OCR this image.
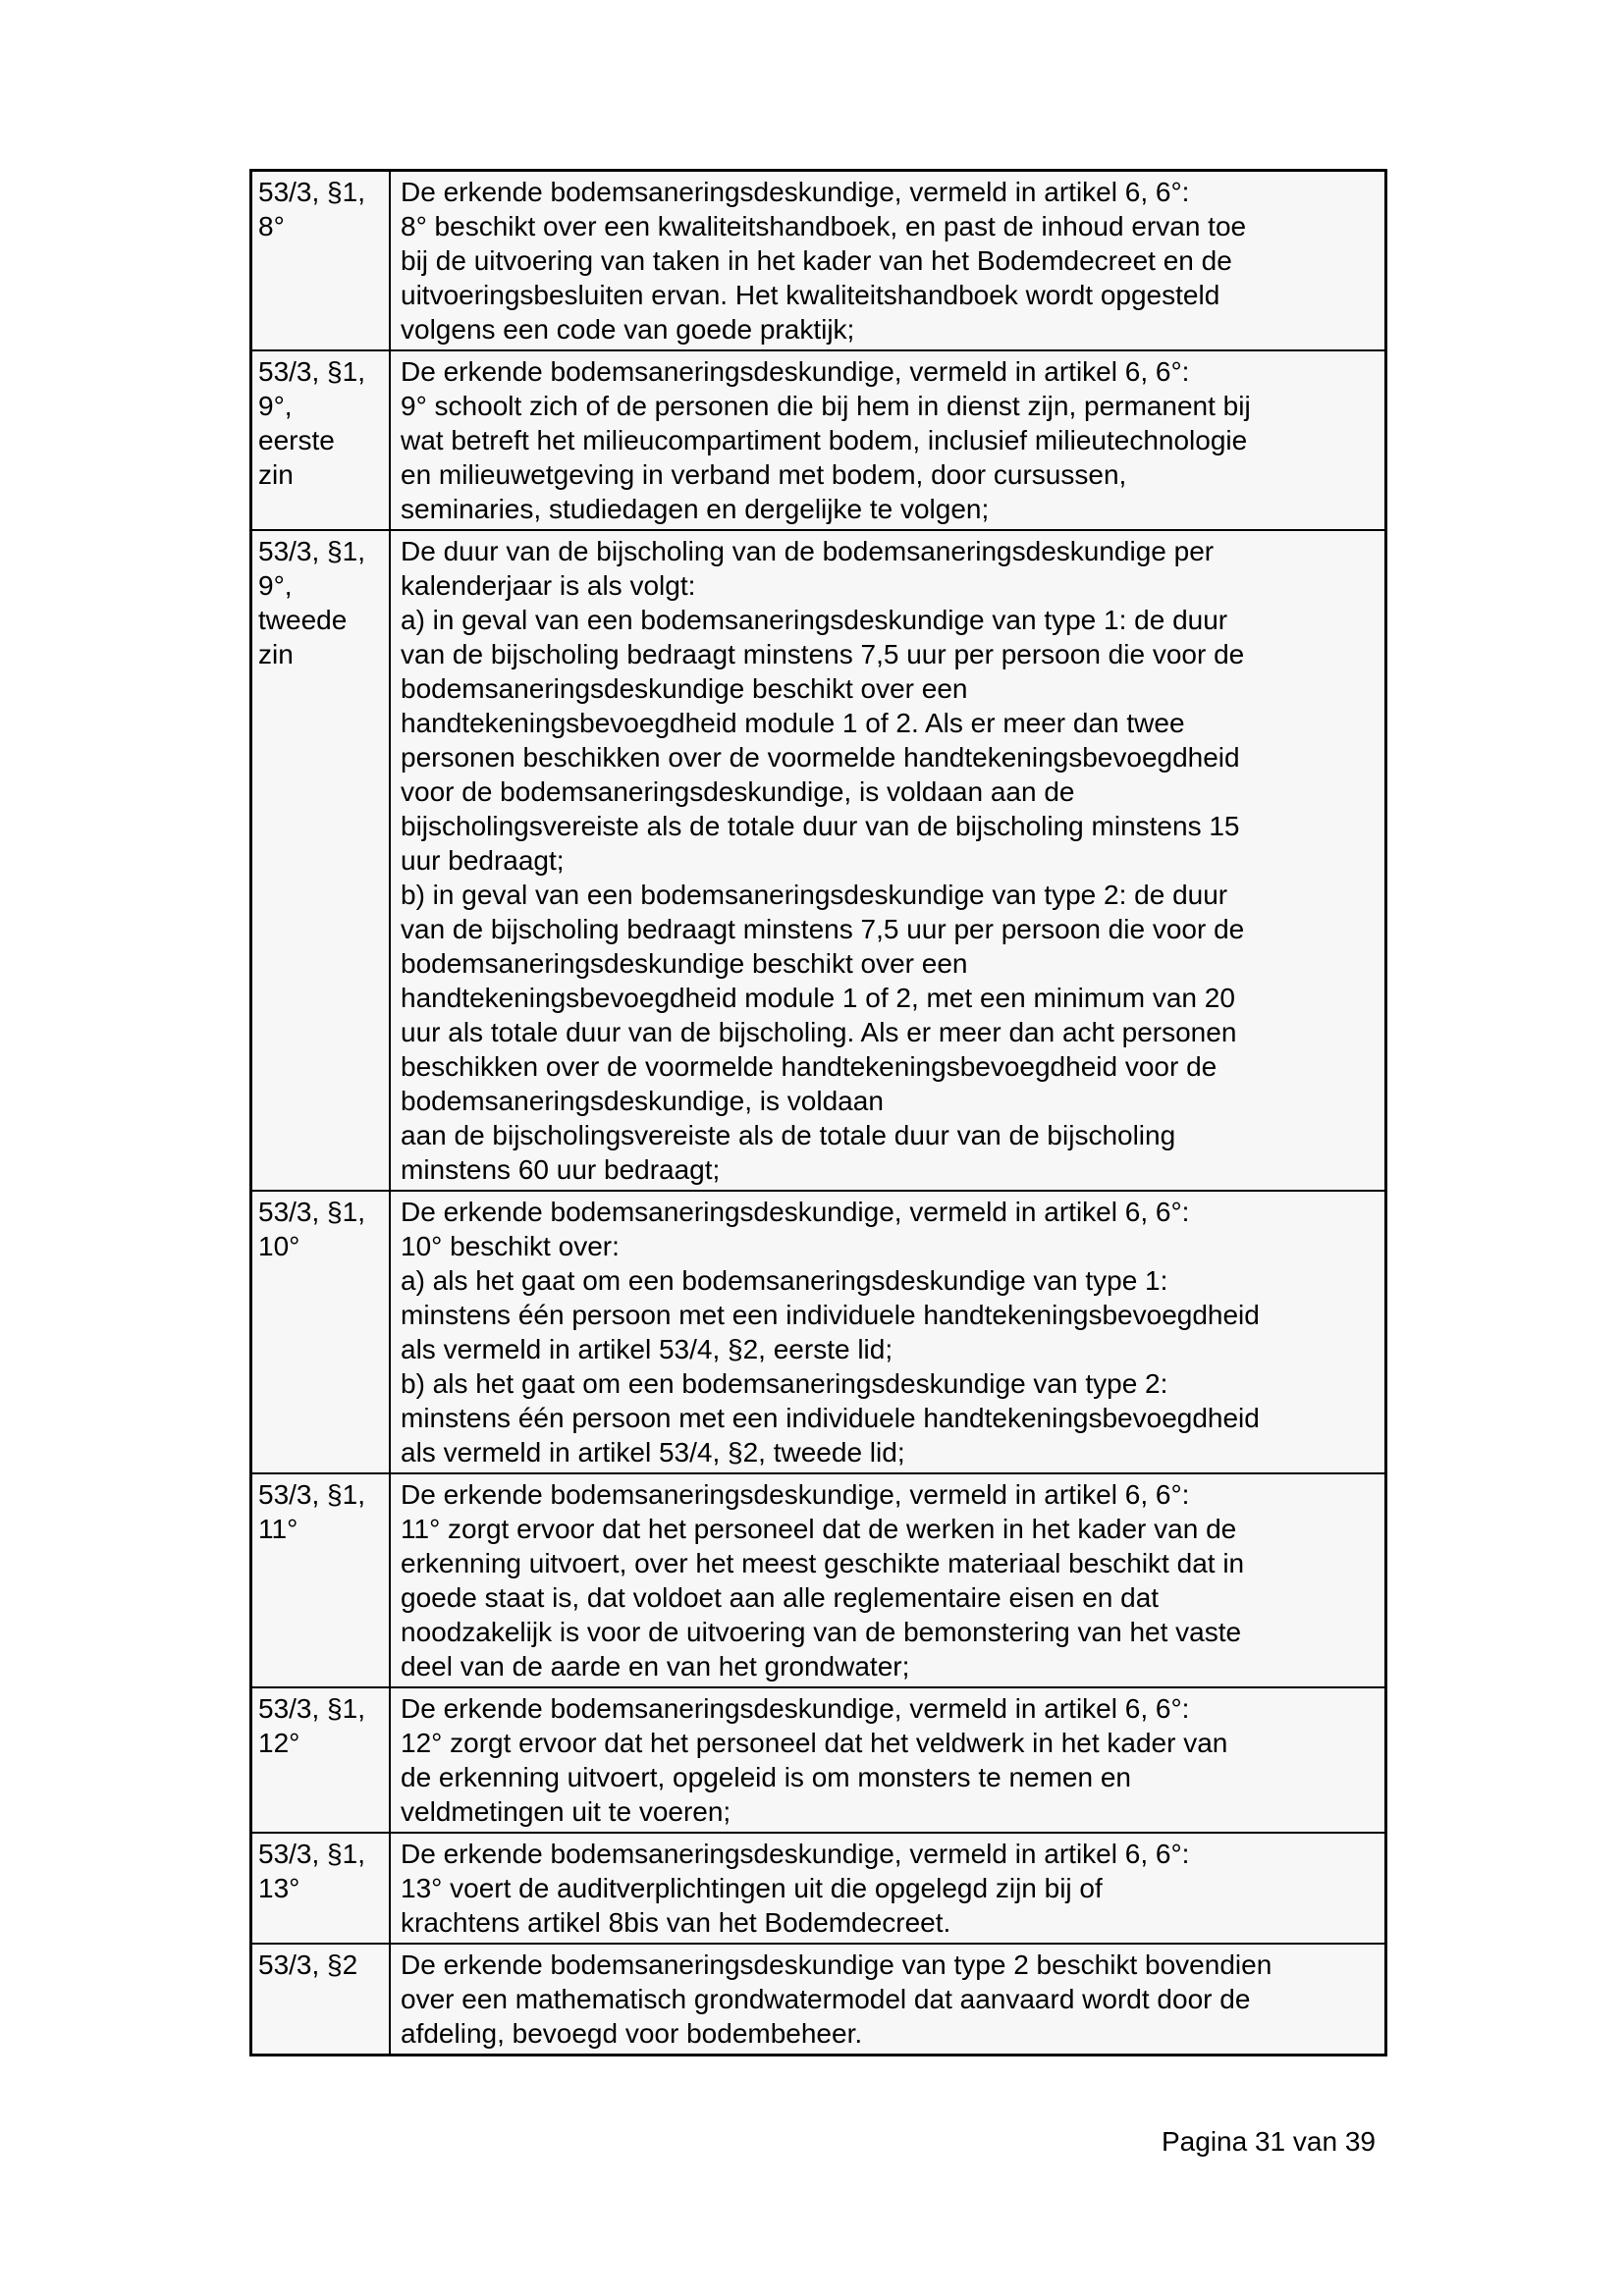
53/3, §1,
8°
De erkende bodemsaneringsdeskundige, vermeld in artikel 6, 6°:
8° beschikt over een kwaliteitshandboek, en past de inhoud ervan toe
bij de uitvoering van taken in het kader van het Bodemdecreet en de
uitvoeringsbesluiten ervan. Het kwaliteitshandboek wordt opgesteld
volgens een code van goede praktijk;
53/3, §1,
9°,
eerste
zin
De erkende bodemsaneringsdeskundige, vermeld in artikel 6, 6°:
9° schoolt zich of de personen die bij hem in dienst zijn, permanent bij
wat betreft het milieucompartiment bodem, inclusief milieutechnologie
en milieuwetgeving in verband met bodem, door cursussen,
seminaries, studiedagen en dergelijke te volgen;
53/3, §1,
9°,
tweede
zin
De duur van de bijscholing van de bodemsaneringsdeskundige per
kalenderjaar is als volgt:
a) in geval van een bodemsaneringsdeskundige van type 1: de duur
van de bijscholing bedraagt minstens 7,5 uur per persoon die voor de
bodemsaneringsdeskundige beschikt over een
handtekeningsbevoegdheid module 1 of 2. Als er meer dan twee
personen beschikken over de voormelde handtekeningsbevoegdheid
voor de bodemsaneringsdeskundige, is voldaan aan de
bijscholingsvereiste als de totale duur van de bijscholing minstens 15
uur bedraagt;
b) in geval van een bodemsaneringsdeskundige van type 2: de duur
van de bijscholing bedraagt minstens 7,5 uur per persoon die voor de
bodemsaneringsdeskundige beschikt over een
handtekeningsbevoegdheid module 1 of 2, met een minimum van 20
uur als totale duur van de bijscholing. Als er meer dan acht personen
beschikken over de voormelde handtekeningsbevoegdheid voor de
bodemsaneringsdeskundige, is voldaan
aan de bijscholingsvereiste als de totale duur van de bijscholing
minstens 60 uur bedraagt;
53/3, §1,
10°
De erkende bodemsaneringsdeskundige, vermeld in artikel 6, 6°:
10° beschikt over:
a) als het gaat om een bodemsaneringsdeskundige van type 1:
minstens één persoon met een individuele handtekeningsbevoegdheid
als vermeld in artikel 53/4, §2, eerste lid;
b) als het gaat om een bodemsaneringsdeskundige van type 2:
minstens één persoon met een individuele handtekeningsbevoegdheid
als vermeld in artikel 53/4, §2, tweede lid;
53/3, §1,
11°
De erkende bodemsaneringsdeskundige, vermeld in artikel 6, 6°:
11° zorgt ervoor dat het personeel dat de werken in het kader van de
erkenning uitvoert, over het meest geschikte materiaal beschikt dat in
goede staat is, dat voldoet aan alle reglementaire eisen en dat
noodzakelijk is voor de uitvoering van de bemonstering van het vaste
deel van de aarde en van het grondwater;
53/3, §1,
12°
De erkende bodemsaneringsdeskundige, vermeld in artikel 6, 6°:
12° zorgt ervoor dat het personeel dat het veldwerk in het kader van
de erkenning uitvoert, opgeleid is om monsters te nemen en
veldmetingen uit te voeren;
53/3, §1,
13°
De erkende bodemsaneringsdeskundige, vermeld in artikel 6, 6°:
13° voert de auditverplichtingen uit die opgelegd zijn bij of
krachtens artikel 8bis van het Bodemdecreet.
53/3, §2	De erkende bodemsaneringsdeskundige van type 2 beschikt bovendien
over een mathematisch grondwatermodel dat aanvaard wordt door de
afdeling, bevoegd voor bodembeheer.
Pagina 31 van 39
